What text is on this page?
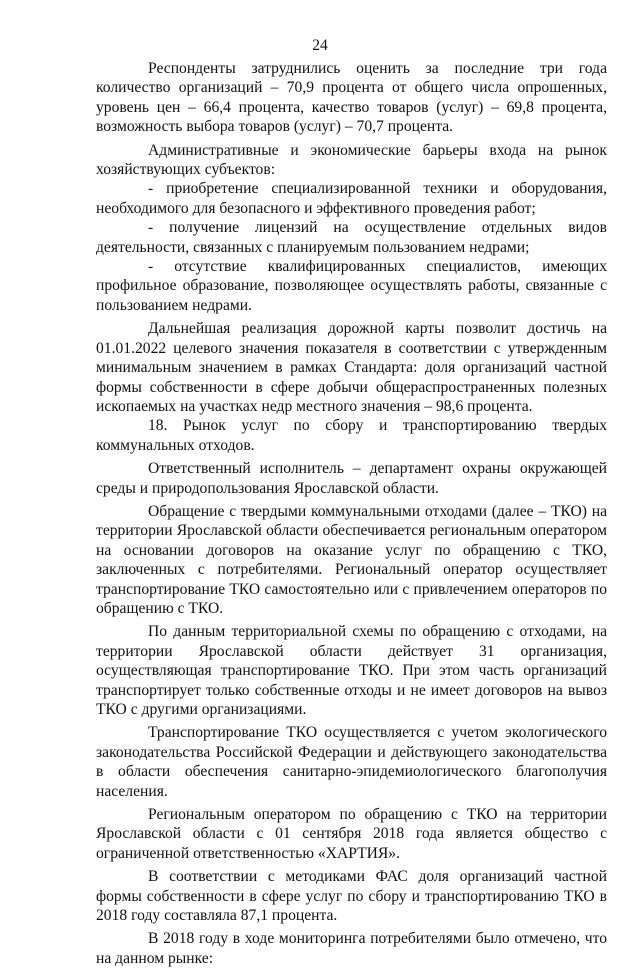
24

Респонденты затруднились оценить за последние три года количество организаций – 70,9 процента от общего числа опрошенных, уровень цен – 66,4 процента, качество товаров (услуг) – 69,8 процента, возможность выбора товаров (услуг) – 70,7 процента.

Административные и экономические барьеры входа на рынок хозяйствующих субъектов:

- приобретение специализированной техники и оборудования, необходимого для безопасного и эффективного проведения работ;

- получение лицензий на осуществление отдельных видов деятельности, связанных с планируемым пользованием недрами;

- отсутствие квалифицированных специалистов, имеющих профильное образование, позволяющее осуществлять работы, связанные с пользованием недрами.

Дальнейшая реализация дорожной карты позволит достичь на 01.01.2022 целевого значения показателя в соответствии с утвержденным минимальным значением в рамках Стандарта: доля организаций частной формы собственности в сфере добычи общераспространенных полезных ископаемых на участках недр местного значения – 98,6 процента.

18. Рынок услуг по сбору и транспортированию твердых коммунальных отходов.

Ответственный исполнитель – департамент охраны окружающей среды и природопользования Ярославской области.

Обращение с твердыми коммунальными отходами (далее – ТКО) на территории Ярославской области обеспечивается региональным оператором на основании договоров на оказание услуг по обращению с ТКО, заключенных с потребителями. Региональный оператор осуществляет транспортирование ТКО самостоятельно или с привлечением операторов по обращению с ТКО.

По данным территориальной схемы по обращению с отходами, на территории Ярославской области действует 31 организация, осуществляющая транспортирование ТКО. При этом часть организаций транспортирует только собственные отходы и не имеет договоров на вывоз ТКО с другими организациями.

Транспортирование ТКО осуществляется с учетом экологического законодательства Российской Федерации и действующего законодательства в области обеспечения санитарно-эпидемиологического благополучия населения.

Региональным оператором по обращению с ТКО на территории Ярославской области с 01 сентября 2018 года является общество с ограниченной ответственностью «ХАРТИЯ».

В соответствии с методиками ФАС доля организаций частной формы собственности в сфере услуг по сбору и транспортированию ТКО в 2018 году составляла 87,1 процента.

В 2018 году в ходе мониторинга потребителями было отмечено, что на данном рынке:
